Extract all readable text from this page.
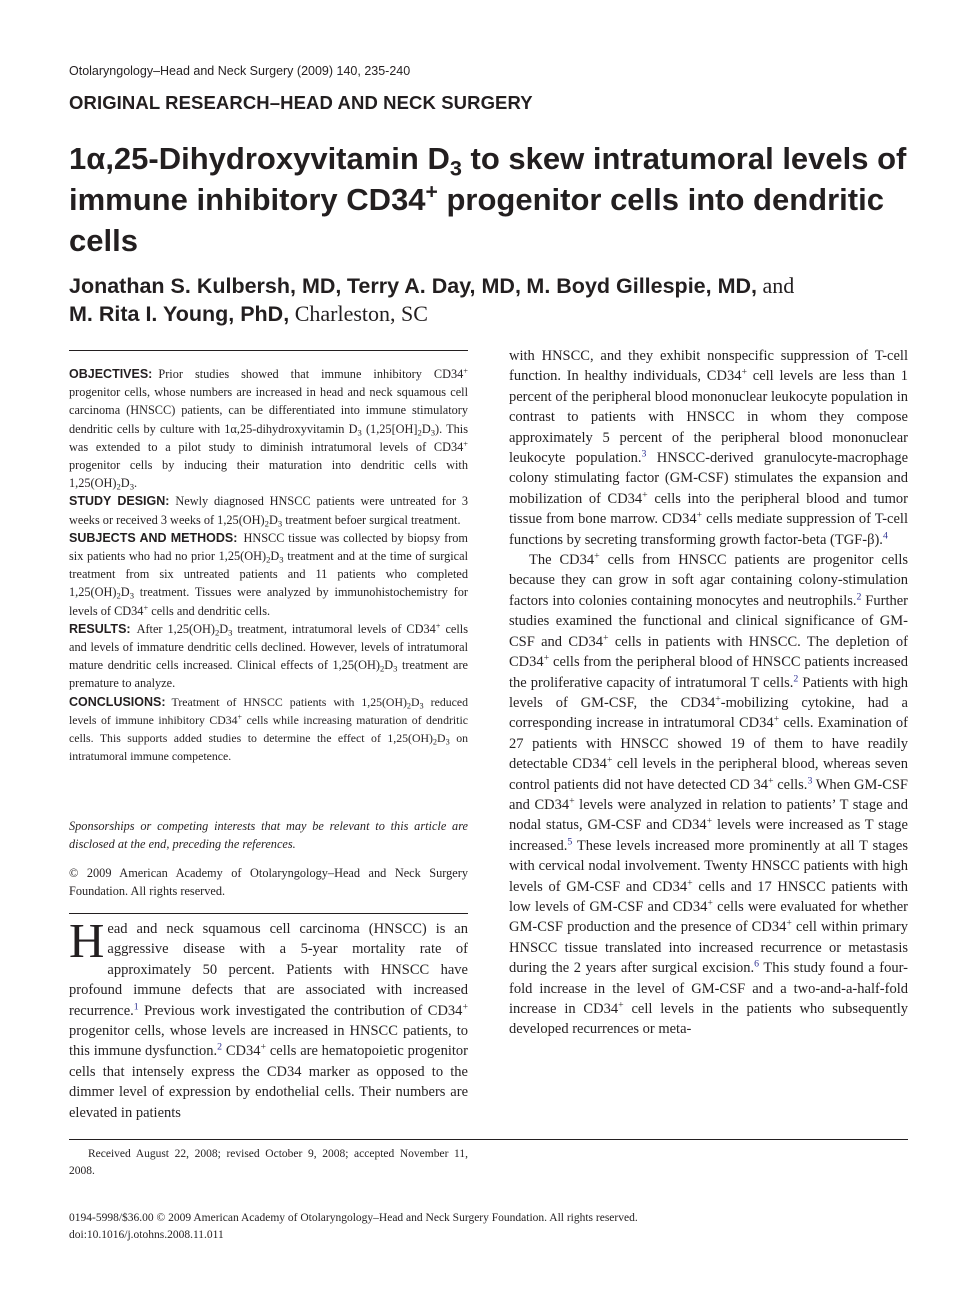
Otolaryngology–Head and Neck Surgery (2009) 140, 235-240
ORIGINAL RESEARCH–HEAD AND NECK SURGERY
1α,25-Dihydroxyvitamin $D_3$ to skew intratumoral levels of immune inhibitory CD34+ progenitor cells into dendritic cells
Jonathan S. Kulbersh, MD, Terry A. Day, MD, M. Boyd Gillespie, MD, and
M. Rita I. Young, PhD, Charleston, SC

OBJECTIVES: Prior studies showed that immune inhibitory CD34+ progenitor cells, whose numbers are increased in head and neck squamous cell carcinoma (HNSCC) patients, can be differentiated into immune stimulatory dendritic cells by culture with 1α,25-dihydroxyvitamin $D_3$ $(1,25[OH]_2D_3)$. This was extended to a pilot study to diminish intratumoral levels of CD34+ progenitor cells by inducing their maturation into dendritic cells with $1,25(OH)_2D_3$.

STUDY DESIGN: Newly diagnosed HNSCC patients were untreated for 3 weeks or received 3 weeks of $1,25(OH)_2D_3$ treatment befoer surgical treatment.

SUBJECTS AND METHODS: HNSCC tissue was collected by biopsy from six patients who had no prior $1,25(OH)_2D_3$ treatment and at the time of surgical treatment from six untreated patients and 11 patients who completed $1,25(OH)_2D_3$ treatment. Tissues were analyzed by immunohistochemistry for levels of CD34+ cells and dendritic cells.

RESULTS: After $1,25(OH)_2D_3$ treatment, intratumoral levels of CD34+ cells and levels of immature dendritic cells declined. However, levels of intratumoral mature dendritic cells increased. Clinical effects of $1,25(OH)_2D_3$ treatment are premature to analyze.

CONCLUSIONS: Treatment of HNSCC patients with $1,25(OH)_2D_3$ reduced levels of immune inhibitory CD34+ cells while increasing maturation of dendritic cells. This supports added studies to determine the effect of $1,25(OH)_2D_3$ on intratumoral immune competence.

Sponsorships or competing interests that may be relevant to this article are disclosed at the end, preceding the references.
© 2009 American Academy of Otolaryngology–Head and Neck Surgery Foundation. All rights reserved.

Head and neck squamous cell carcinoma (HNSCC) is an aggressive disease with a 5-year mortality rate of approximately 50 percent. Patients with HNSCC have profound immune defects that are associated with increased recurrence.$^1$ Previous work investigated the contribution of CD34+ progenitor cells, whose levels are increased in HNSCC patients, to this immune dysfunction.$^2$ CD34+ cells are hematopoietic progenitor cells that intensely express the CD34 marker as opposed to the dimmer level of expression by endothelial cells. Their numbers are elevated in patients

with HNSCC, and they exhibit nonspecific suppression of T-cell function. In healthy individuals, CD34+ cell levels are less than 1 percent of the peripheral blood mononuclear leukocyte population in contrast to patients with HNSCC in whom they compose approximately 5 percent of the peripheral blood mononuclear leukocyte population.$^3$ HNSCC-derived granulocyte-macrophage colony stimulating factor (GM-CSF) stimulates the expansion and mobilization of CD34+ cells into the peripheral blood and tumor tissue from bone marrow. CD34+ cells mediate suppression of T-cell functions by secreting transforming growth factor-beta (TGF-β).$^4$

The CD34+ cells from HNSCC patients are progenitor cells because they can grow in soft agar containing colony-stimulation factors into colonies containing monocytes and neutrophils.$^2$ Further studies examined the functional and clinical significance of GM-CSF and CD34+ cells in patients with HNSCC. The depletion of CD34+ cells from the peripheral blood of HNSCC patients increased the proliferative capacity of intratumoral T cells.$^2$ Patients with high levels of GM-CSF, the CD34+-mobilizing cytokine, had a corresponding increase in intratumoral CD34+ cells. Examination of 27 patients with HNSCC showed 19 of them to have readily detectable CD34+ cell levels in the peripheral blood, whereas seven control patients did not have detected CD 34+ cells.$^3$ When GM-CSF and CD34+ levels were analyzed in relation to patients’ T stage and nodal status, GM-CSF and CD34+ levels were increased as T stage increased.$^5$ These levels increased more prominently at all T stages with cervical nodal involvement. Twenty HNSCC patients with high levels of GM-CSF and CD34+ cells and 17 HNSCC patients with low levels of GM-CSF and CD34+ cells were evaluated for whether GM-CSF production and the presence of CD34+ cell within primary HNSCC tissue translated into increased recurrence or metastasis during the 2 years after surgical excision.$^6$ This study found a four-fold increase in the level of GM-CSF and a two-and-a-half-fold increase in CD34+ cell levels in the patients who subsequently developed recurrences or meta-

Received August 22, 2008; revised October 9, 2008; accepted November 11, 2008.
0194-5998/$36.00 © 2009 American Academy of Otolaryngology–Head and Neck Surgery Foundation. All rights reserved.
doi:10.1016/j.otohns.2008.11.011
